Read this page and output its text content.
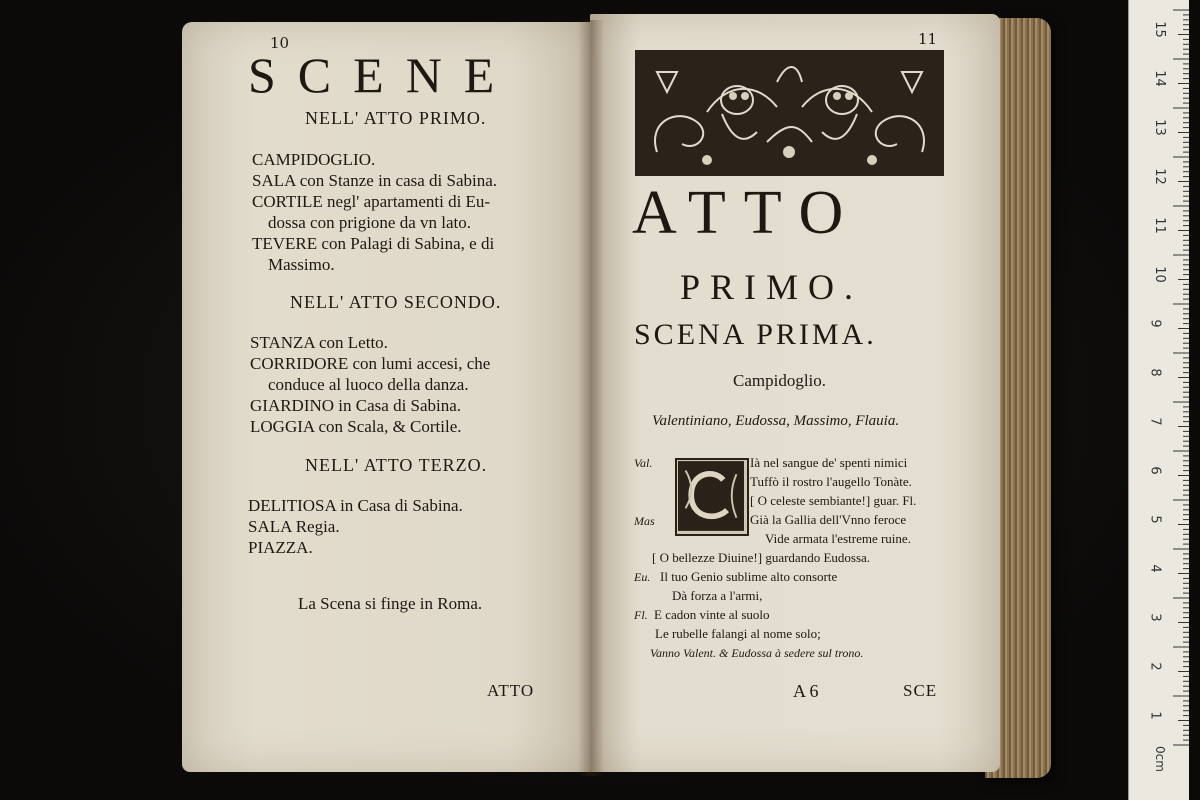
10

SCENE

NELL' ATTO PRIMO.

CAMPIDOGLIO.

SALA con Stanze in casa di Sabina.

CORTILE negl' apartamenti di Eu-

dossa con prigione da vn lato.

TEVERE con Palagi di Sabina, e di

Massimo.

NELL' ATTO SECONDO.

STANZA con Letto.

CORRIDORE con lumi accesi, che

conduce al luoco della danza.

GIARDINO in Casa di Sabina.

LOGGIA con Scala, & Cortile.

NELL' ATTO TERZO.

DELITIOSA in Casa di Sabina.

SALA Regia.

PIAZZA.

La Scena si finge in Roma.

ATTO

11

ATTO

PRIMO.

SCENA PRIMA.

Campidoglio.

Valentiniano, Eudossa, Massimo, Flauia.

Val.	Ià nel sangue de' spenti nimici

Tuffò il rostro l'augello Tonàte.

[ O celeste sembiante!] guar. Fl.

Mas	Già la Gallia dell'Vnno feroce

Vide armata l'estreme ruine.

[ O bellezze Diuine!] guardando Eudossa.

Eu. Il tuo Genio sublime alto consorte

Dà forza a l'armi,

Fl. E cadon vinte al suolo

Le rubelle falangi al nome solo;

Vanno Valent. & Eudossa à sedere sul trono.

A 6	SCE

15
14
13
12
11
10
9
8
7
6
5
4
3
2
1
0cm
